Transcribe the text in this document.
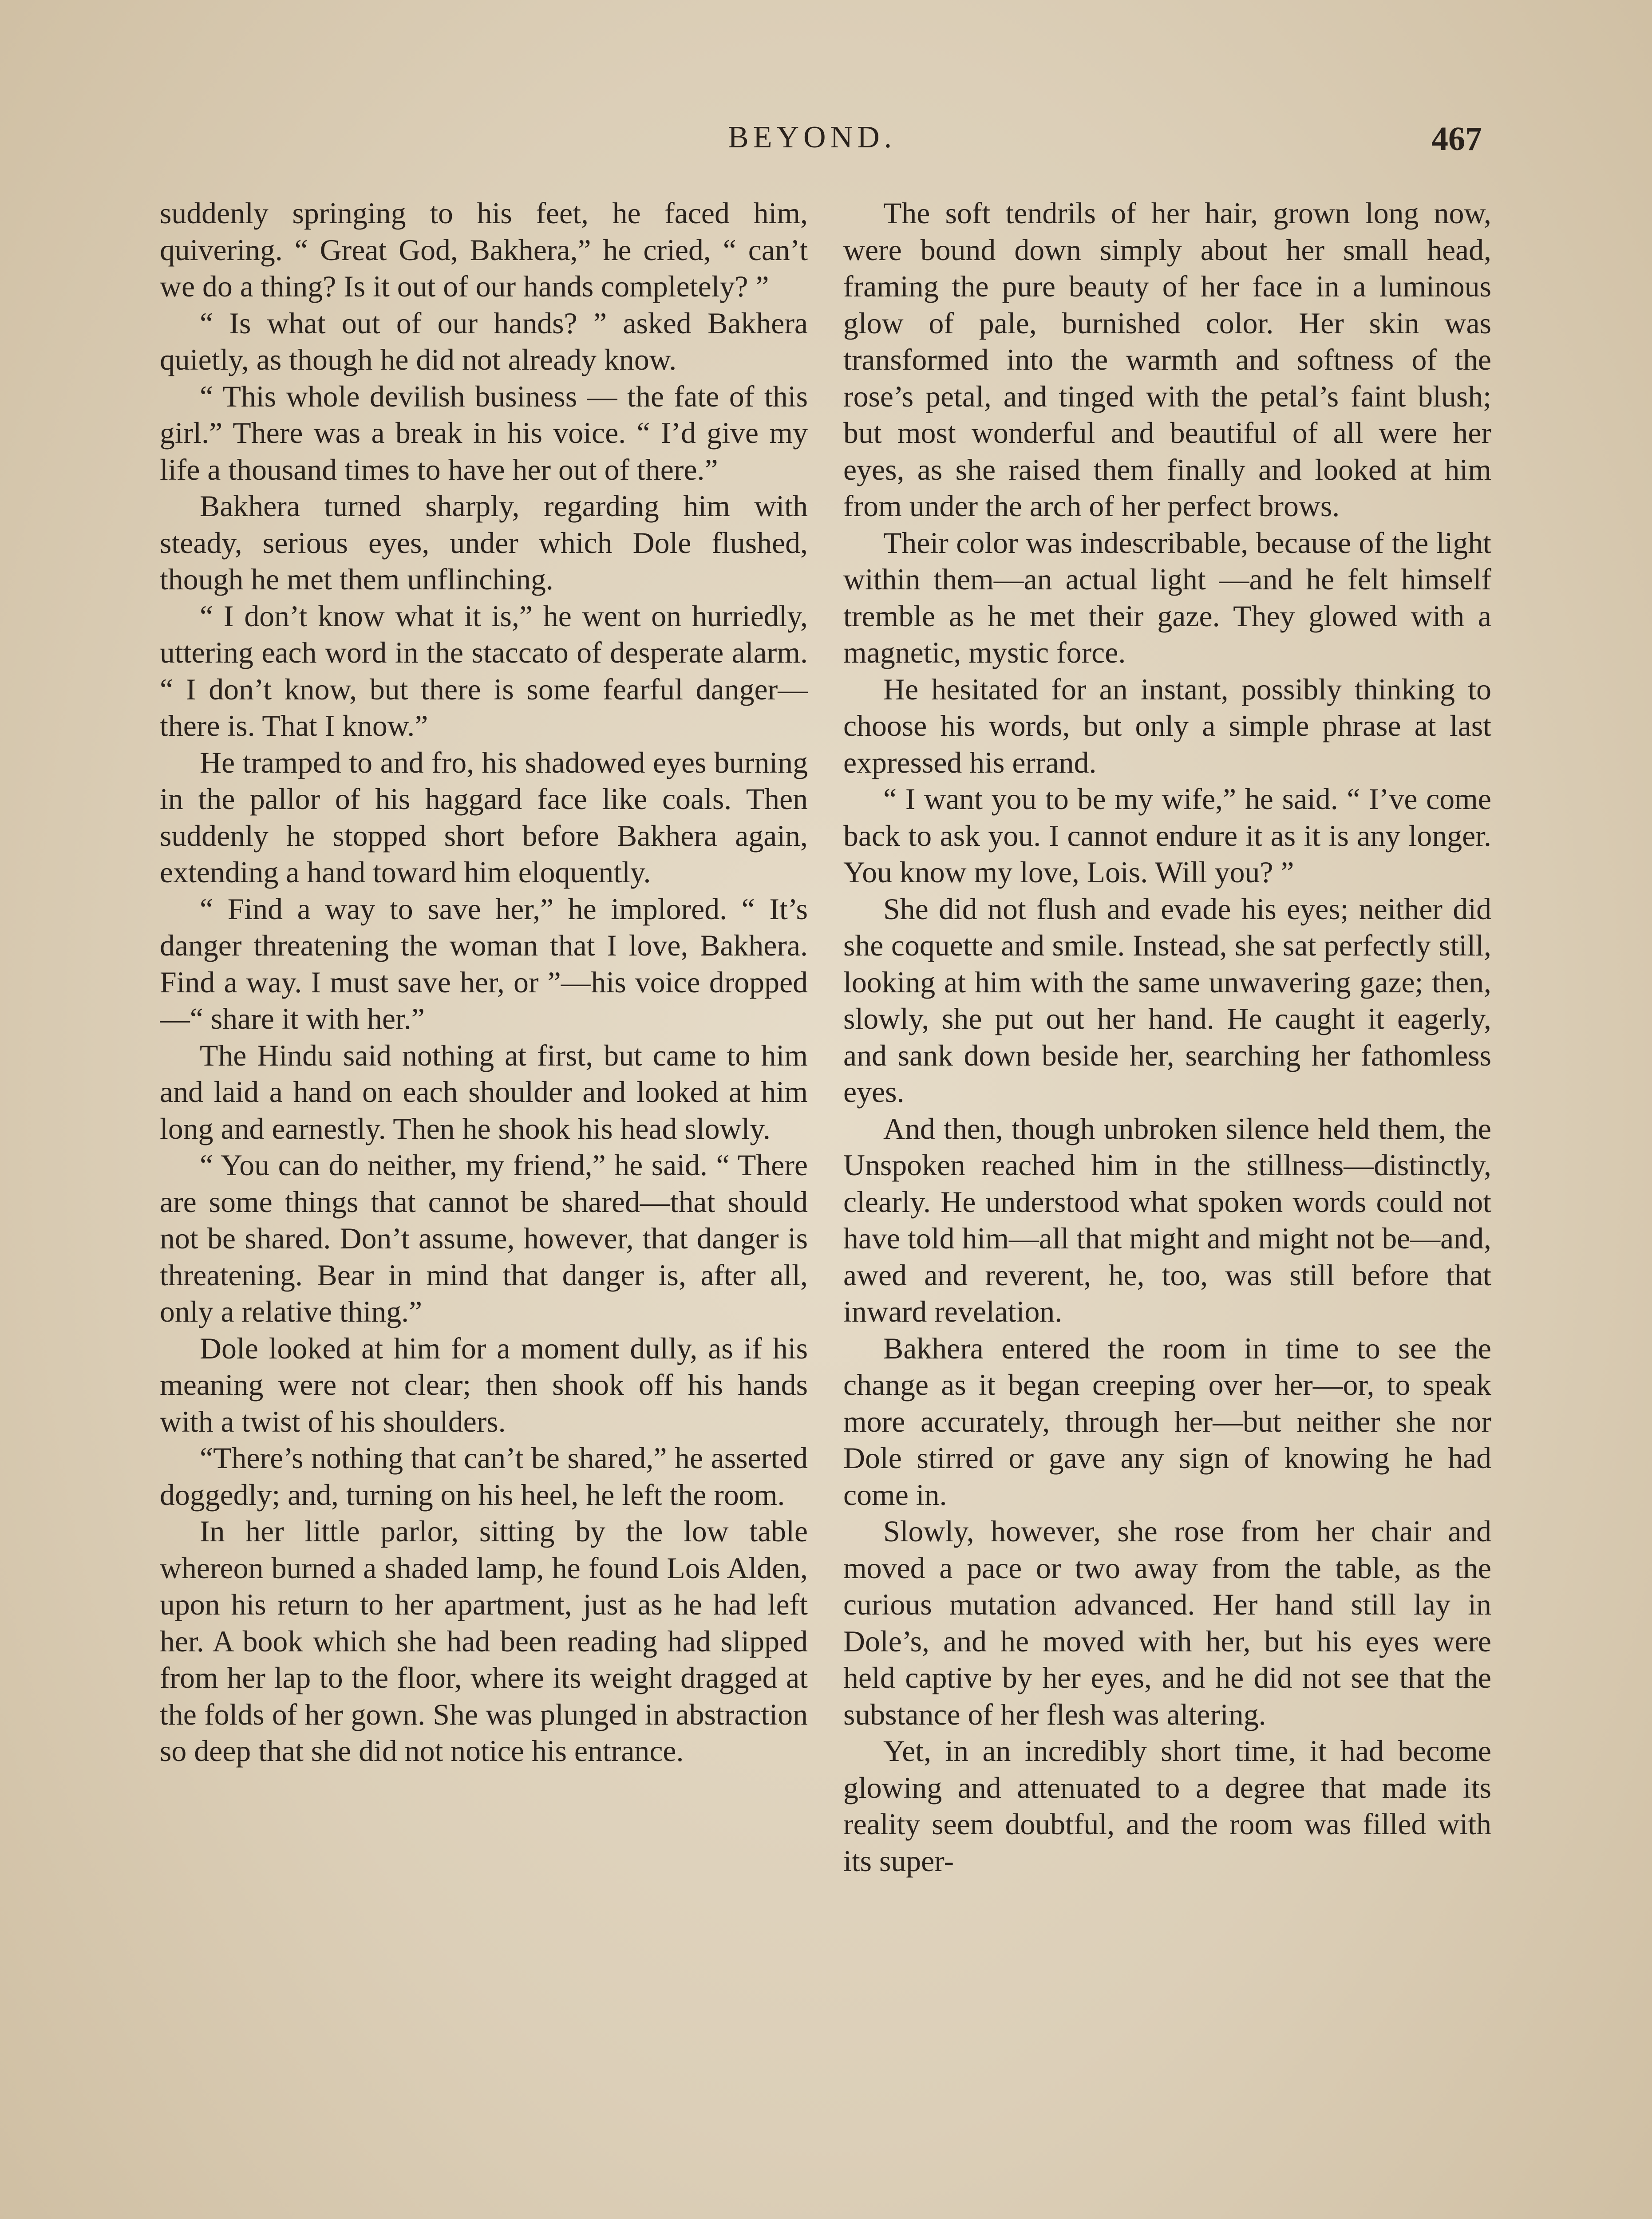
BEYOND.	467

suddenly springing to his feet, he faced him, quivering. “ Great God, Bakhera,” he cried, “ can’t we do a thing? Is it out of our hands completely? ”

“ Is what out of our hands? ” asked Bakhera quietly, as though he did not already know.

“ This whole devilish business — the fate of this girl.” There was a break in his voice. “ I’d give my life a thousand times to have her out of there.”

Bakhera turned sharply, regarding him with steady, serious eyes, under which Dole flushed, though he met them unflinching.

“ I don’t know what it is,” he went on hurriedly, uttering each word in the staccato of desperate alarm. “ I don’t know, but there is some fearful danger—there is. That I know.”

He tramped to and fro, his shadowed eyes burning in the pallor of his haggard face like coals. Then suddenly he stopped short before Bakhera again, extending a hand toward him eloquently.

“ Find a way to save her,” he implored. “ It’s danger threatening the woman that I love, Bakhera. Find a way. I must save her, or ”—his voice dropped—“ share it with her.”

The Hindu said nothing at first, but came to him and laid a hand on each shoulder and looked at him long and earnestly. Then he shook his head slowly.

“ You can do neither, my friend,” he said. “ There are some things that cannot be shared—that should not be shared. Don’t assume, however, that danger is threatening. Bear in mind that danger is, after all, only a relative thing.”

Dole looked at him for a moment dully, as if his meaning were not clear; then shook off his hands with a twist of his shoulders.

“There’s nothing that can’t be shared,” he asserted doggedly; and, turning on his heel, he left the room.

In her little parlor, sitting by the low table whereon burned a shaded lamp, he found Lois Alden, upon his return to her apartment, just as he had left her. A book which she had been reading had slipped from her lap to the floor, where its weight dragged at the folds of her gown. She was plunged in abstraction so deep that she did not notice his entrance.

The soft tendrils of her hair, grown long now, were bound down simply about her small head, framing the pure beauty of her face in a luminous glow of pale, burnished color. Her skin was transformed into the warmth and softness of the rose’s petal, and tinged with the petal’s faint blush; but most wonderful and beautiful of all were her eyes, as she raised them finally and looked at him from under the arch of her perfect brows.

Their color was indescribable, because of the light within them—an actual light —and he felt himself tremble as he met their gaze. They glowed with a magnetic, mystic force.

He hesitated for an instant, possibly thinking to choose his words, but only a simple phrase at last expressed his errand.

“ I want you to be my wife,” he said. “ I’ve come back to ask you. I cannot endure it as it is any longer. You know my love, Lois. Will you? ”

She did not flush and evade his eyes; neither did she coquette and smile. Instead, she sat perfectly still, looking at him with the same unwavering gaze; then, slowly, she put out her hand. He caught it eagerly, and sank down beside her, searching her fathomless eyes.

And then, though unbroken silence held them, the Unspoken reached him in the stillness—distinctly, clearly. He understood what spoken words could not have told him—all that might and might not be—and, awed and reverent, he, too, was still before that inward revelation.

Bakhera entered the room in time to see the change as it began creeping over her—or, to speak more accurately, through her—but neither she nor Dole stirred or gave any sign of knowing he had come in.

Slowly, however, she rose from her chair and moved a pace or two away from the table, as the curious mutation advanced. Her hand still lay in Dole’s, and he moved with her, but his eyes were held captive by her eyes, and he did not see that the substance of her flesh was altering.

Yet, in an incredibly short time, it had become glowing and attenuated to a degree that made its reality seem doubtful, and the room was filled with its super-
